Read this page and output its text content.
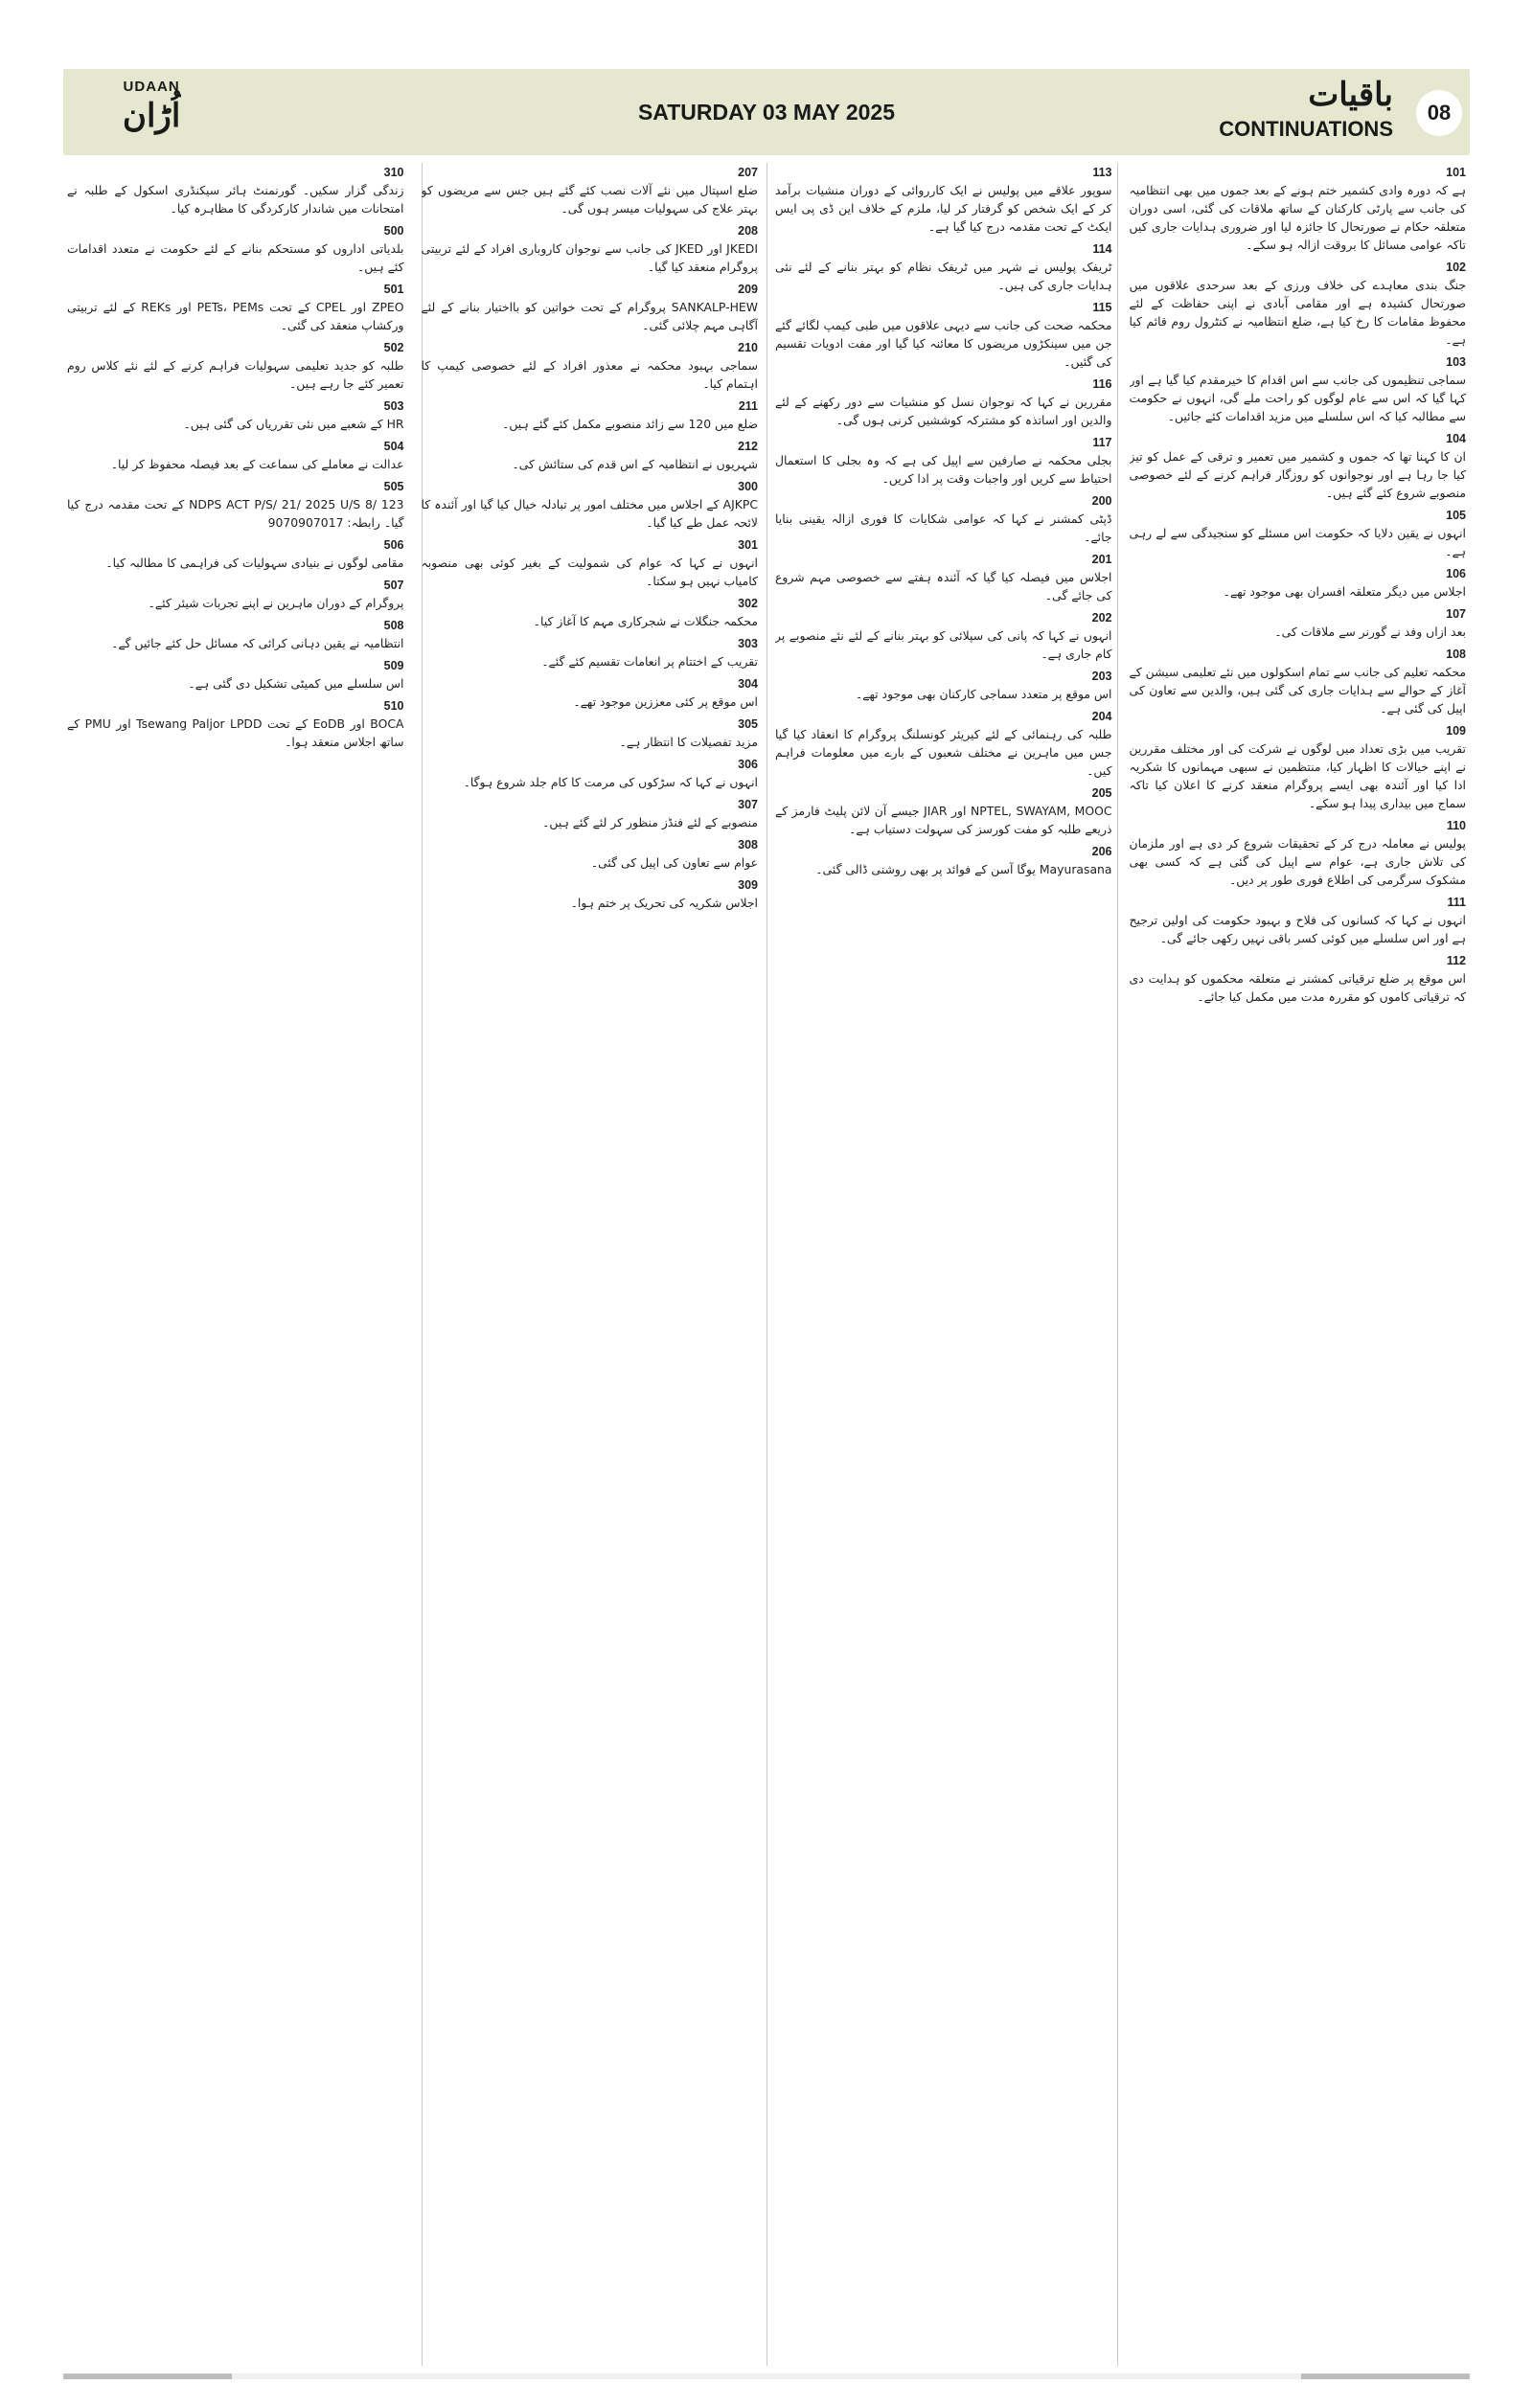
UDAAN
اُڑان	SATURDAY 03 MAY 2025	باقیات
CONTINUATIONS
08
101
ہے کہ دورہ وادی کشمیر ختم ہونے کے بعد جموں میں بھی انتظامیہ کی جانب سے پارٹی کارکنان کے ساتھ ملاقات کی گئی، اسی دوران متعلقہ حکام نے صورتحال کا جائزہ لیا اور ضروری ہدایات جاری کیں تاکہ عوامی مسائل کا بروقت ازالہ ہو سکے۔
102
جنگ بندی معاہدے کی خلاف ورزی کے بعد سرحدی علاقوں میں صورتحال کشیدہ ہے اور مقامی آبادی نے اپنی حفاظت کے لئے محفوظ مقامات کا رخ کیا ہے، ضلع انتظامیہ نے کنٹرول روم قائم کیا ہے۔
103
سماجی تنظیموں کی جانب سے اس اقدام کا خیرمقدم کیا گیا ہے اور کہا گیا کہ اس سے عام لوگوں کو راحت ملے گی، انہوں نے حکومت سے مطالبہ کیا کہ اس سلسلے میں مزید اقدامات کئے جائیں۔
104
ان کا کہنا تھا کہ جموں و کشمیر میں تعمیر و ترقی کے عمل کو تیز کیا جا رہا ہے اور نوجوانوں کو روزگار فراہم کرنے کے لئے خصوصی منصوبے شروع کئے گئے ہیں۔
105
انہوں نے یقین دلایا کہ حکومت اس مسئلے کو سنجیدگی سے لے رہی ہے۔
106
اجلاس میں دیگر متعلقہ افسران بھی موجود تھے۔
107
بعد ازاں وفد نے گورنر سے ملاقات کی۔
108
محکمہ تعلیم کی جانب سے تمام اسکولوں میں نئے تعلیمی سیشن کے آغاز کے حوالے سے ہدایات جاری کی گئی ہیں، والدین سے تعاون کی اپیل کی گئی ہے۔
109
تقریب میں بڑی تعداد میں لوگوں نے شرکت کی اور مختلف مقررین نے اپنے خیالات کا اظہار کیا، منتظمین نے سبھی مہمانوں کا شکریہ ادا کیا اور آئندہ بھی ایسے پروگرام منعقد کرنے کا اعلان کیا تاکہ سماج میں بیداری پیدا ہو سکے۔
110
پولیس نے معاملہ درج کر کے تحقیقات شروع کر دی ہے اور ملزمان کی تلاش جاری ہے، عوام سے اپیل کی گئی ہے کہ کسی بھی مشکوک سرگرمی کی اطلاع فوری طور پر دیں۔
111
انہوں نے کہا کہ کسانوں کی فلاح و بہبود حکومت کی اولین ترجیح ہے اور اس سلسلے میں کوئی کسر باقی نہیں رکھی جائے گی۔
112
اس موقع پر ضلع ترقیاتی کمشنر نے متعلقہ محکموں کو ہدایت دی کہ ترقیاتی کاموں کو مقررہ مدت میں مکمل کیا جائے۔
113
سوپور علاقے میں پولیس نے ایک کارروائی کے دوران منشیات برآمد کر کے ایک شخص کو گرفتار کر لیا، ملزم کے خلاف این ڈی پی ایس ایکٹ کے تحت مقدمہ درج کیا گیا ہے۔
114
ٹریفک پولیس نے شہر میں ٹریفک نظام کو بہتر بنانے کے لئے نئی ہدایات جاری کی ہیں۔
115
محکمہ صحت کی جانب سے دیہی علاقوں میں طبی کیمپ لگائے گئے جن میں سینکڑوں مریضوں کا معائنہ کیا گیا اور مفت ادویات تقسیم کی گئیں۔
116
مقررین نے کہا کہ نوجوان نسل کو منشیات سے دور رکھنے کے لئے والدین اور اساتذہ کو مشترکہ کوششیں کرنی ہوں گی۔
117
بجلی محکمہ نے صارفین سے اپیل کی ہے کہ وہ بجلی کا استعمال احتیاط سے کریں اور واجبات وقت پر ادا کریں۔
200
ڈپٹی کمشنر نے کہا کہ عوامی شکایات کا فوری ازالہ یقینی بنایا جائے۔
201
اجلاس میں فیصلہ کیا گیا کہ آئندہ ہفتے سے خصوصی مہم شروع کی جائے گی۔
202
انہوں نے کہا کہ پانی کی سپلائی کو بہتر بنانے کے لئے نئے منصوبے پر کام جاری ہے۔
203
اس موقع پر متعدد سماجی کارکنان بھی موجود تھے۔
204
طلبہ کی رہنمائی کے لئے کیریئر کونسلنگ پروگرام کا انعقاد کیا گیا جس میں ماہرین نے مختلف شعبوں کے بارے میں معلومات فراہم کیں۔
205
NPTEL, SWAYAM, MOOC اور JIAR جیسے آن لائن پلیٹ فارمز کے ذریعے طلبہ کو مفت کورسز کی سہولت دستیاب ہے۔
206
Mayurasana یوگا آسن کے فوائد پر بھی روشنی ڈالی گئی۔
207
ضلع اسپتال میں نئے آلات نصب کئے گئے ہیں جس سے مریضوں کو بہتر علاج کی سہولیات میسر ہوں گی۔
208
JKEDI اور JKED کی جانب سے نوجوان کاروباری افراد کے لئے تربیتی پروگرام منعقد کیا گیا۔
209
SANKALP-HEW پروگرام کے تحت خواتین کو بااختیار بنانے کے لئے آگاہی مہم چلائی گئی۔
210
سماجی بہبود محکمہ نے معذور افراد کے لئے خصوصی کیمپ کا اہتمام کیا۔
211
ضلع میں 120 سے زائد منصوبے مکمل کئے گئے ہیں۔
212
شہریوں نے انتظامیہ کے اس قدم کی ستائش کی۔
300
AJKPC کے اجلاس میں مختلف امور پر تبادلہ خیال کیا گیا اور آئندہ کا لائحہ عمل طے کیا گیا۔
301
انہوں نے کہا کہ عوام کی شمولیت کے بغیر کوئی بھی منصوبہ کامیاب نہیں ہو سکتا۔
302
محکمہ جنگلات نے شجرکاری مہم کا آغاز کیا۔
303
تقریب کے اختتام پر انعامات تقسیم کئے گئے۔
304
اس موقع پر کئی معززین موجود تھے۔
305
مزید تفصیلات کا انتظار ہے۔
306
انہوں نے کہا کہ سڑکوں کی مرمت کا کام جلد شروع ہوگا۔
307
منصوبے کے لئے فنڈز منظور کر لئے گئے ہیں۔
308
عوام سے تعاون کی اپیل کی گئی۔
309
اجلاس شکریہ کی تحریک پر ختم ہوا۔
310
زندگی گزار سکیں۔ گورنمنٹ ہائر سیکنڈری اسکول کے طلبہ نے امتحانات میں شاندار کارکردگی کا مظاہرہ کیا۔
500
بلدیاتی اداروں کو مستحکم بنانے کے لئے حکومت نے متعدد اقدامات کئے ہیں۔
501
ZPEO اور CPEL کے تحت PETs، PEMs اور REKs کے لئے تربیتی ورکشاپ منعقد کی گئی۔
502
طلبہ کو جدید تعلیمی سہولیات فراہم کرنے کے لئے نئے کلاس روم تعمیر کئے جا رہے ہیں۔
503
HR کے شعبے میں نئی تقرریاں کی گئی ہیں۔
504
عدالت نے معاملے کی سماعت کے بعد فیصلہ محفوظ کر لیا۔
505
NDPS ACT P/S/ 21/ 2025 U/S 8/ 123 کے تحت مقدمہ درج کیا گیا۔ رابطہ: 9070907017
506
مقامی لوگوں نے بنیادی سہولیات کی فراہمی کا مطالبہ کیا۔
507
پروگرام کے دوران ماہرین نے اپنے تجربات شیئر کئے۔
508
انتظامیہ نے یقین دہانی کرائی کہ مسائل حل کئے جائیں گے۔
509
اس سلسلے میں کمیٹی تشکیل دی گئی ہے۔
510
BOCA اور EoDB کے تحت Tsewang Paljor LPDD اور PMU کے ساتھ اجلاس منعقد ہوا۔
